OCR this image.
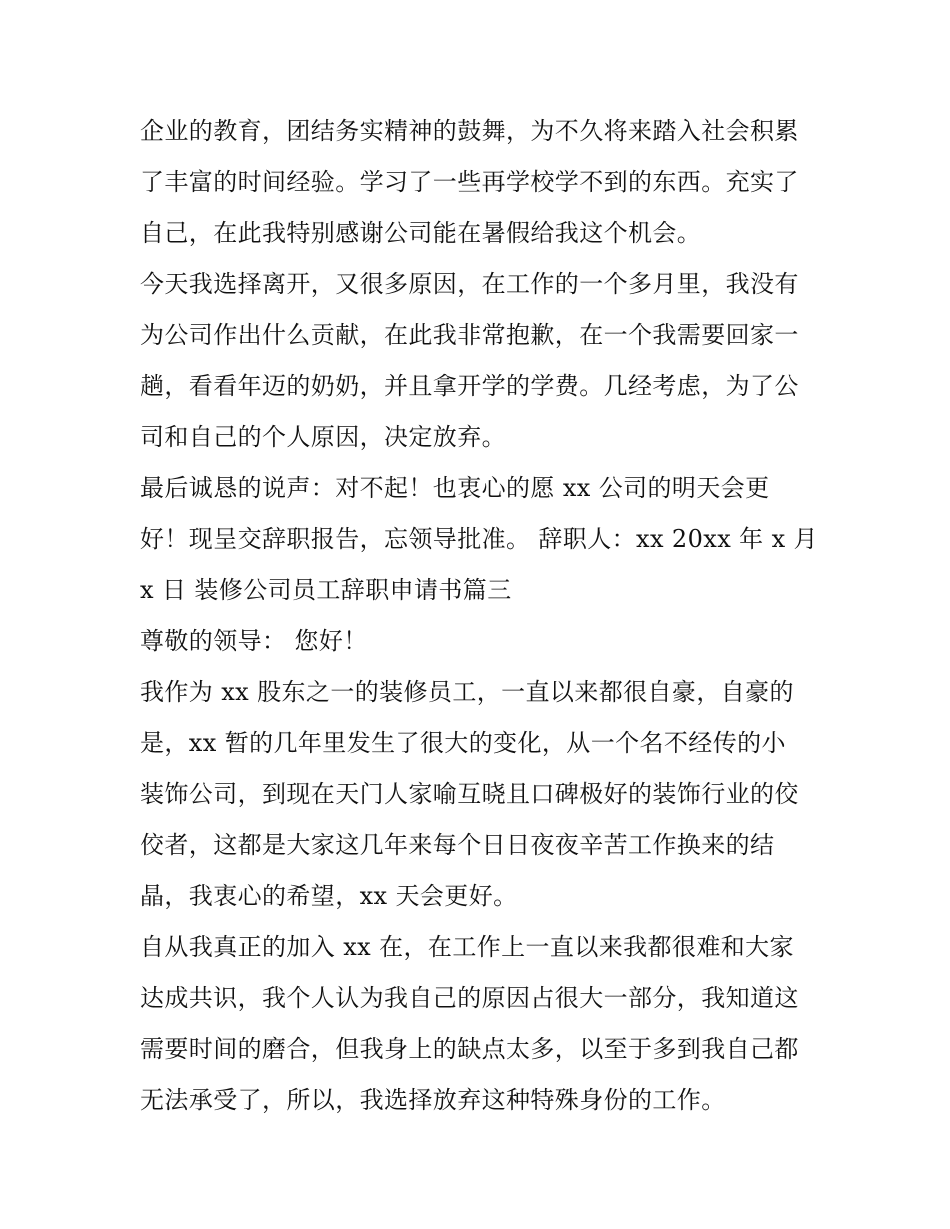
企业的教育，团结务实精神的鼓舞，为不久将来踏入社会积累
了丰富的时间经验。学习了一些再学校学不到的东西。充实了
自己，在此我特别感谢公司能在暑假给我这个机会。
今天我选择离开，又很多原因，在工作的一个多月里，我没有
为公司作出什么贡献，在此我非常抱歉，在一个我需要回家一
趟，看看年迈的奶奶，并且拿开学的学费。几经考虑，为了公
司和自己的个人原因，决定放弃。
最后诚恳的说声：对不起！也衷心的愿 xx 公司的明天会更
好！现呈交辞职报告，忘领导批准。 辞职人：xx 20xx 年 x 月
x 日 装修公司员工辞职申请书篇三
尊敬的领导： 您好！
我作为 xx 股东之一的装修员工，一直以来都很自豪，自豪的
是，xx 暂的几年里发生了很大的变化，从一个名不经传的小
装饰公司，到现在天门人家喻互晓且口碑极好的装饰行业的佼
佼者，这都是大家这几年来每个日日夜夜辛苦工作换来的结
晶，我衷心的希望，xx 天会更好。
自从我真正的加入 xx 在，在工作上一直以来我都很难和大家
达成共识，我个人认为我自己的原因占很大一部分，我知道这
需要时间的磨合，但我身上的缺点太多，以至于多到我自己都
无法承受了，所以，我选择放弃这种特殊身份的工作。
